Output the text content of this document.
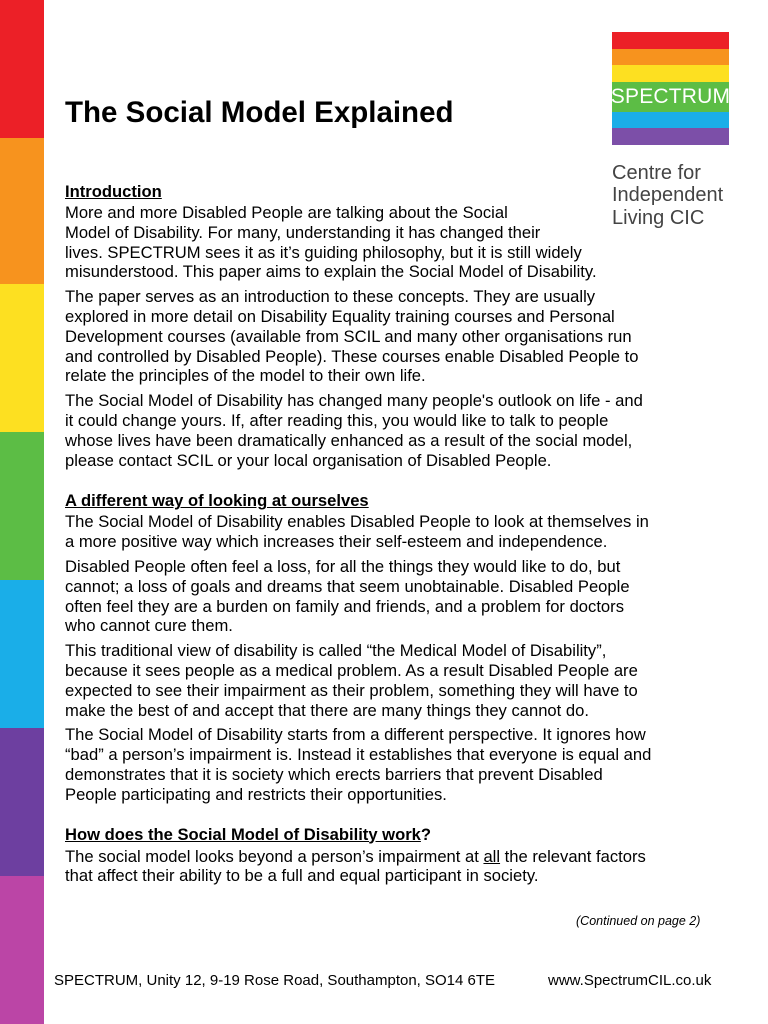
SPECTRUM
Centre for
Independent
Living CIC
The Social Model Explained
Introduction

More and more Disabled People are talking about the Social
Model of Disability. For many, understanding it has changed their
lives. SPECTRUM sees it as it’s guiding philosophy, but it is still widely
misunderstood. This paper aims to explain the Social Model of Disability.

The paper serves as an introduction to these concepts. They are usually
explored in more detail on Disability Equality training courses and Personal
Development courses (available from SCIL and many other organisations run
and controlled by Disabled People). These courses enable Disabled People to
relate the principles of the model to their own life.

The Social Model of Disability has changed many people's outlook on life - and
it could change yours. If, after reading this, you would like to talk to people
whose lives have been dramatically enhanced as a result of the social model,
please contact SCIL or your local organisation of Disabled People.

A different way of looking at ourselves

The Social Model of Disability enables Disabled People to look at themselves in
a more positive way which increases their self-esteem and independence.

Disabled People often feel a loss, for all the things they would like to do, but
cannot; a loss of goals and dreams that seem unobtainable. Disabled People
often feel they are a burden on family and friends, and a problem for doctors
who cannot cure them.

This traditional view of disability is called “the Medical Model of Disability”,
because it sees people as a medical problem. As a result Disabled People are
expected to see their impairment as their problem, something they will have to
make the best of and accept that there are many things they cannot do.

The Social Model of Disability starts from a different perspective. It ignores how
“bad” a person’s impairment is. Instead it establishes that everyone is equal and
demonstrates that it is society which erects barriers that prevent Disabled
People participating and restricts their opportunities.

How does the Social Model of Disability work?

The social model looks beyond a person’s impairment at all the relevant factors
that affect their ability to be a full and equal participant in society.

(Continued on page 2)
SPECTRUM, Unity 12, 9-19 Rose Road, Southampton, SO14 6TE	www.SpectrumCIL.co.uk
